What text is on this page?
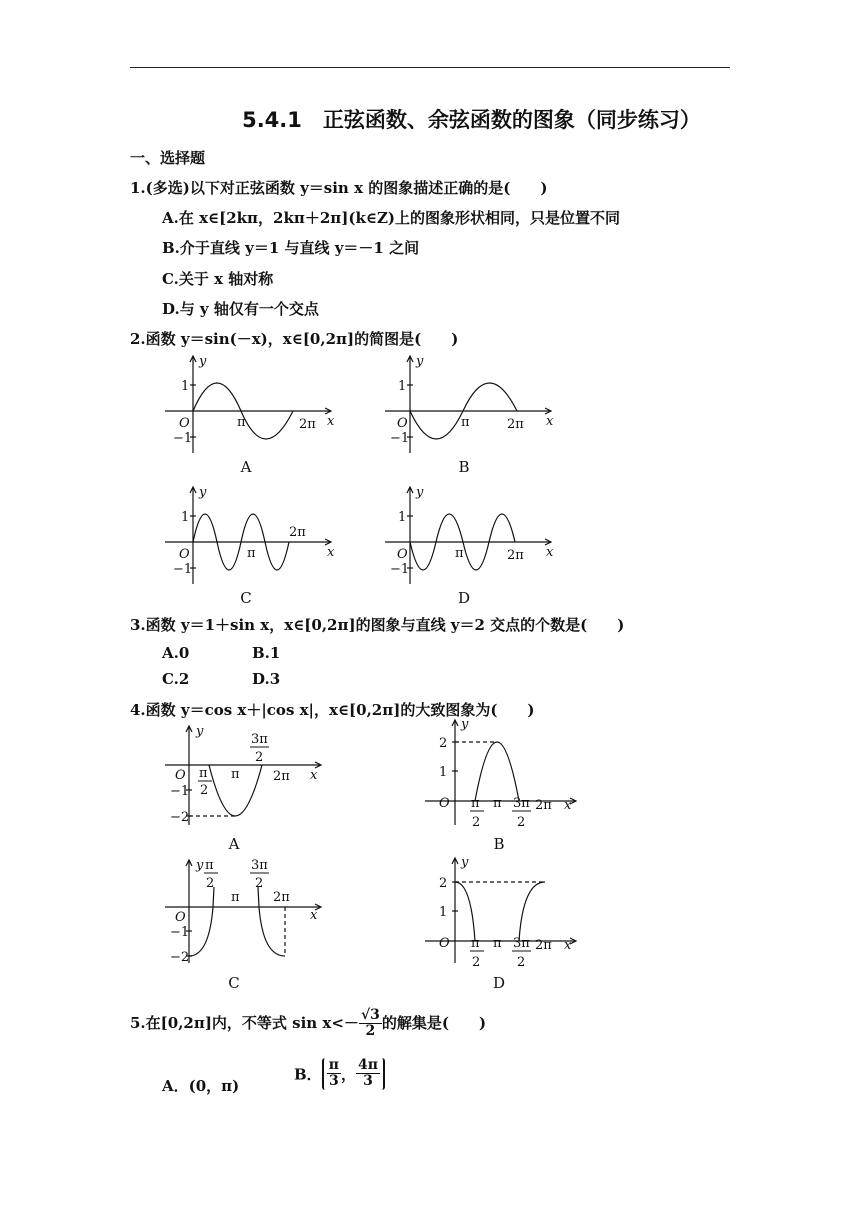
5.4.1　正弦函数、余弦函数的图象（同步练习）
一、选择题
1.(多选)以下对正弦函数 y＝sin x 的图象描述正确的是(　　)
A.在 x∈[2kπ，2kπ＋2π](k∈Z)上的图象形状相同，只是位置不同
B.介于直线 y＝1 与直线 y＝－1 之间
C.关于 x 轴对称
D.与 y 轴仅有一个交点
2.函数 y＝sin(－x)，x∈[0,2π]的简图是(　　)
y
1
−1
O	π	2π x
A
y
1
−1
O	π	2π x
B
y
1
−1
O	π
2π
x
C
y
1
−1
O	π	2π x
D
3.函数 y＝1＋sin x，x∈[0,2π]的图象与直线 y＝2 交点的个数是(　　)
A.0	B.1
C.2	D.3
4.函数 y＝cos x＋|cos x|，x∈[0,2π]的大致图象为(　　)
y
O
−1
−2
π
2
π
3π
2
2π x
A
y
2
1
O π
2
π 3π
2
2π x
B
y π
2
π
3π
2
2π
O
−1
−2
x
C
y
2
1
O π
2
π 3π
2
2π x
D
5.在[0,2π]内，不等式 $\sin x<- \frac{√3}{2}$ 的解集是(　　)
A．(0，π)
B． $\frac{\pi}{3}$ ， $\frac{4\pi}{3}$
